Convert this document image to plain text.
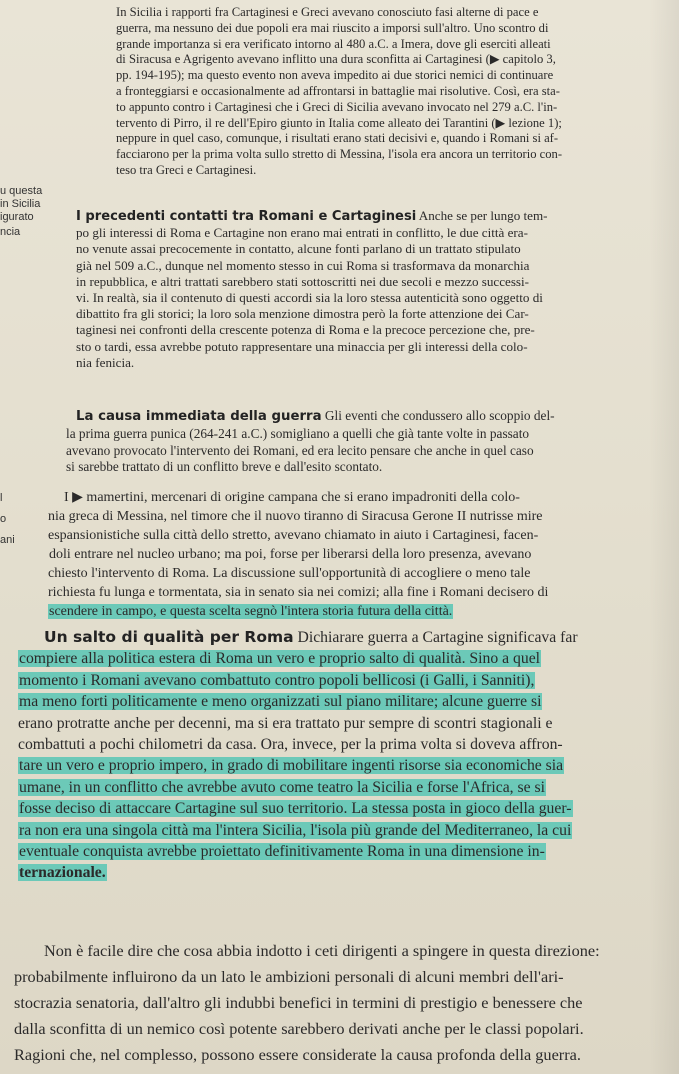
u questa
in Sicilia
igurato
ncia
l
o
ani
In Sicilia i rapporti fra Cartaginesi e Greci avevano conosciuto fasi alterne di pace e
guerra, ma nessuno dei due popoli era mai riuscito a imporsi sull'altro. Uno scontro di
grande importanza si era verificato intorno al 480 a.C. a Imera, dove gli eserciti alleati
di Siracusa e Agrigento avevano inflitto una dura sconfitta ai Cartaginesi (▶ capitolo 3,
pp. 194-195); ma questo evento non aveva impedito ai due storici nemici di continuare
a fronteggiarsi e occasionalmente ad affrontarsi in battaglie mai risolutive. Così, era sta-
to appunto contro i Cartaginesi che i Greci di Sicilia avevano invocato nel 279 a.C. l'in-
tervento di Pirro, il re dell'Epiro giunto in Italia come alleato dei Tarantini (▶ lezione 1);
neppure in quel caso, comunque, i risultati erano stati decisivi e, quando i Romani si af-
facciarono per la prima volta sullo stretto di Messina, l'isola era ancora un territorio con-
teso tra Greci e Cartaginesi.
I precedenti contatti tra Romani e Cartaginesi Anche se per lungo tem-
po gli interessi di Roma e Cartagine non erano mai entrati in conflitto, le due città era-
no venute assai precocemente in contatto, alcune fonti parlano di un trattato stipulato
già nel 509 a.C., dunque nel momento stesso in cui Roma si trasformava da monarchia
in repubblica, e altri trattati sarebbero stati sottoscritti nei due secoli e mezzo successi-
vi. In realtà, sia il contenuto di questi accordi sia la loro stessa autenticità sono oggetto di
dibattito fra gli storici; la loro sola menzione dimostra però la forte attenzione dei Car-
taginesi nei confronti della crescente potenza di Roma e la precoce percezione che, pre-
sto o tardi, essa avrebbe potuto rappresentare una minaccia per gli interessi della colo-
nia fenicia.
La causa immediata della guerra Gli eventi che condussero allo scoppio del-
la prima guerra punica (264-241 a.C.) somigliano a quelli che già tante volte in passato
avevano provocato l'intervento dei Romani, ed era lecito pensare che anche in quel caso
si sarebbe trattato di un conflitto breve e dall'esito scontato.
I ▶ mamertini, mercenari di origine campana che si erano impadroniti della colo-
nia greca di Messina, nel timore che il nuovo tiranno di Siracusa Gerone II nutrisse mire
espansionistiche sulla città dello stretto, avevano chiamato in aiuto i Cartaginesi, facen-
doli entrare nel nucleo urbano; ma poi, forse per liberarsi della loro presenza, avevano
chiesto l'intervento di Roma. La discussione sull'opportunità di accogliere o meno tale
richiesta fu lunga e tormentata, sia in senato sia nei comizi; alla fine i Romani decisero di
scendere in campo, e questa scelta segnò l'intera storia futura della città.
Un salto di qualità per Roma Dichiarare guerra a Cartagine significava far
compiere alla politica estera di Roma un vero e proprio salto di qualità. Sino a quel
momento i Romani avevano combattuto contro popoli bellicosi (i Galli, i Sanniti),
ma meno forti politicamente e meno organizzati sul piano militare; alcune guerre si
erano protratte anche per decenni, ma si era trattato pur sempre di scontri stagionali e
combattuti a pochi chilometri da casa. Ora, invece, per la prima volta si doveva affron-
tare un vero e proprio impero, in grado di mobilitare ingenti risorse sia economiche sia
umane, in un conflitto che avrebbe avuto come teatro la Sicilia e forse l'Africa, se si
fosse deciso di attaccare Cartagine sul suo territorio. La stessa posta in gioco della guer-
ra non era una singola città ma l'intera Sicilia, l'isola più grande del Mediterraneo, la cui
eventuale conquista avrebbe proiettato definitivamente Roma in una dimensione in-
ternazionale.
Non è facile dire che cosa abbia indotto i ceti dirigenti a spingere in questa direzione:
probabilmente influirono da un lato le ambizioni personali di alcuni membri dell'ari-
stocrazia senatoria, dall'altro gli indubbi benefici in termini di prestigio e benessere che
dalla sconfitta di un nemico così potente sarebbero derivati anche per le classi popolari.
Ragioni che, nel complesso, possono essere considerate la causa profonda della guerra.
